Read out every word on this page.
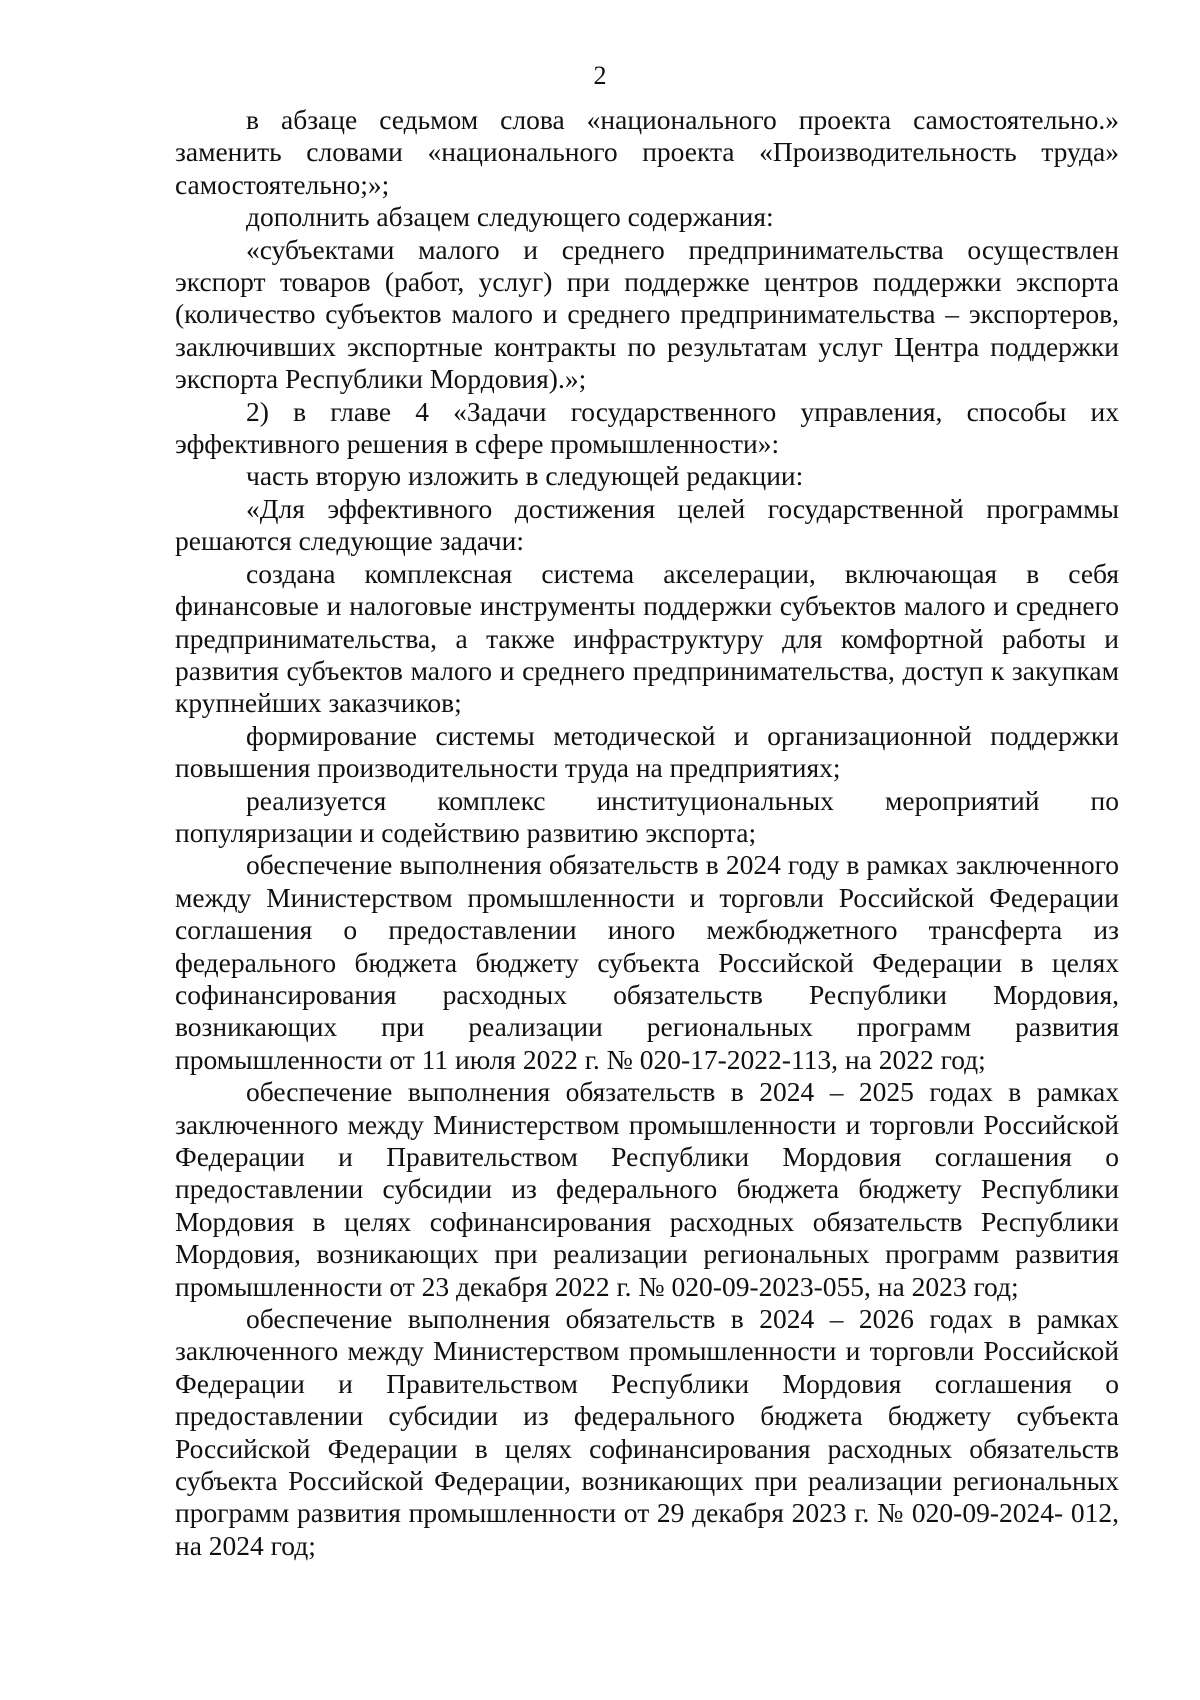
2

в абзаце седьмом слова «национального проекта самостоятельно.» заменить словами «национального проекта «Производительность труда» самостоятельно;»;

дополнить абзацем следующего содержания:

«субъектами малого и среднего предпринимательства осуществлен экспорт товаров (работ, услуг) при поддержке центров поддержки экспорта (количество субъектов малого и среднего предпринимательства – экспортеров, заключивших экспортные контракты по результатам услуг Центра поддержки экспорта Республики Мордовия).»;

2) в главе 4 «Задачи государственного управления, способы их эффективного решения в сфере промышленности»:

часть вторую изложить в следующей редакции:

«Для эффективного достижения целей государственной программы решаются следующие задачи:

создана комплексная система акселерации, включающая в себя финансовые и налоговые инструменты поддержки субъектов малого и среднего предпринимательства, а также инфраструктуру для комфортной работы и развития субъектов малого и среднего предпринимательства, доступ к закупкам крупнейших заказчиков;

формирование системы методической и организационной поддержки повышения производительности труда на предприятиях;

реализуется комплекс институциональных мероприятий по популяризации и содействию развитию экспорта;

обеспечение выполнения обязательств в 2024 году в рамках заключенного между Министерством промышленности и торговли Российской Федерации соглашения о предоставлении иного межбюджетного трансферта из федерального бюджета бюджету субъекта Российской Федерации в целях софинансирования расходных обязательств Республики Мордовия, возникающих при реализации региональных программ развития промышленности от 11 июля 2022 г. № 020-17-2022-113, на 2022 год;

обеспечение выполнения обязательств в 2024 – 2025 годах в рамках заключенного между Министерством промышленности и торговли Российской Федерации и Правительством Республики Мордовия соглашения о предоставлении субсидии из федерального бюджета бюджету Республики Мордовия в целях софинансирования расходных обязательств Республики Мордовия, возникающих при реализации региональных программ развития промышленности от 23 декабря 2022 г. № 020-09-2023-055, на 2023 год;

обеспечение выполнения обязательств в 2024 – 2026 годах в рамках заключенного между Министерством промышленности и торговли Российской Федерации и Правительством Республики Мордовия соглашения о предоставлении субсидии из федерального бюджета бюджету субъекта Российской Федерации в целях софинансирования расходных обязательств субъекта Российской Федерации, возникающих при реализации региональных программ развития промышленности от 29 декабря 2023 г. № 020-09-2024- 012, на 2024 год;
